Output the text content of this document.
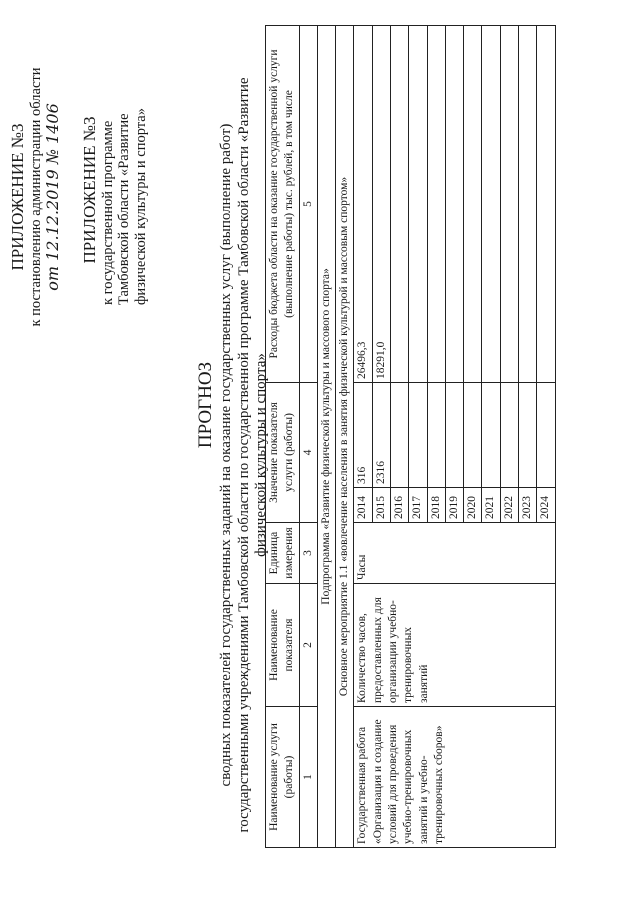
ПРИЛОЖЕНИЕ №3 к постановлению администрации области от 12.12.2019 № 1406 ПРИЛОЖЕНИЕ №3 к государственной программе Тамбовской области «Развитие физической культуры и спорта»
ПРОГНОЗ сводных показателей государственных заданий на оказание государственных услуг (выполнение работ) государственными учреждениями Тамбовской области по государственной программе Тамбовской области «Развитие физической культуры и спорта»
Наименование услуги (работы)	Наименование показателя	Единица измерения	Значение показателя услуги (работы)		Расходы бюджета области на оказание государственной услуги (выполнение работы) тыс. рублей, в том числе
1	2	3	4		5
Подпрограмма «Развитие физической культуры и массового спорта»					
Основное мероприятие 1.1 «вовлечение населения в занятия физической культурой и массовым спортом»					
Государственная работа «Организация и создание условий для проведения учебно-тренировочных занятий и учебно-тренировочных сборов»	Количество часов, предоставленных для организации учебно-тренировочных занятий	Часы	2014	316	26496,3
			2015	2316	18291,0
			2016		
			2017		
			2018		
			2019		
			2020		
			2021		
			2022		
			2023		
			2024		
